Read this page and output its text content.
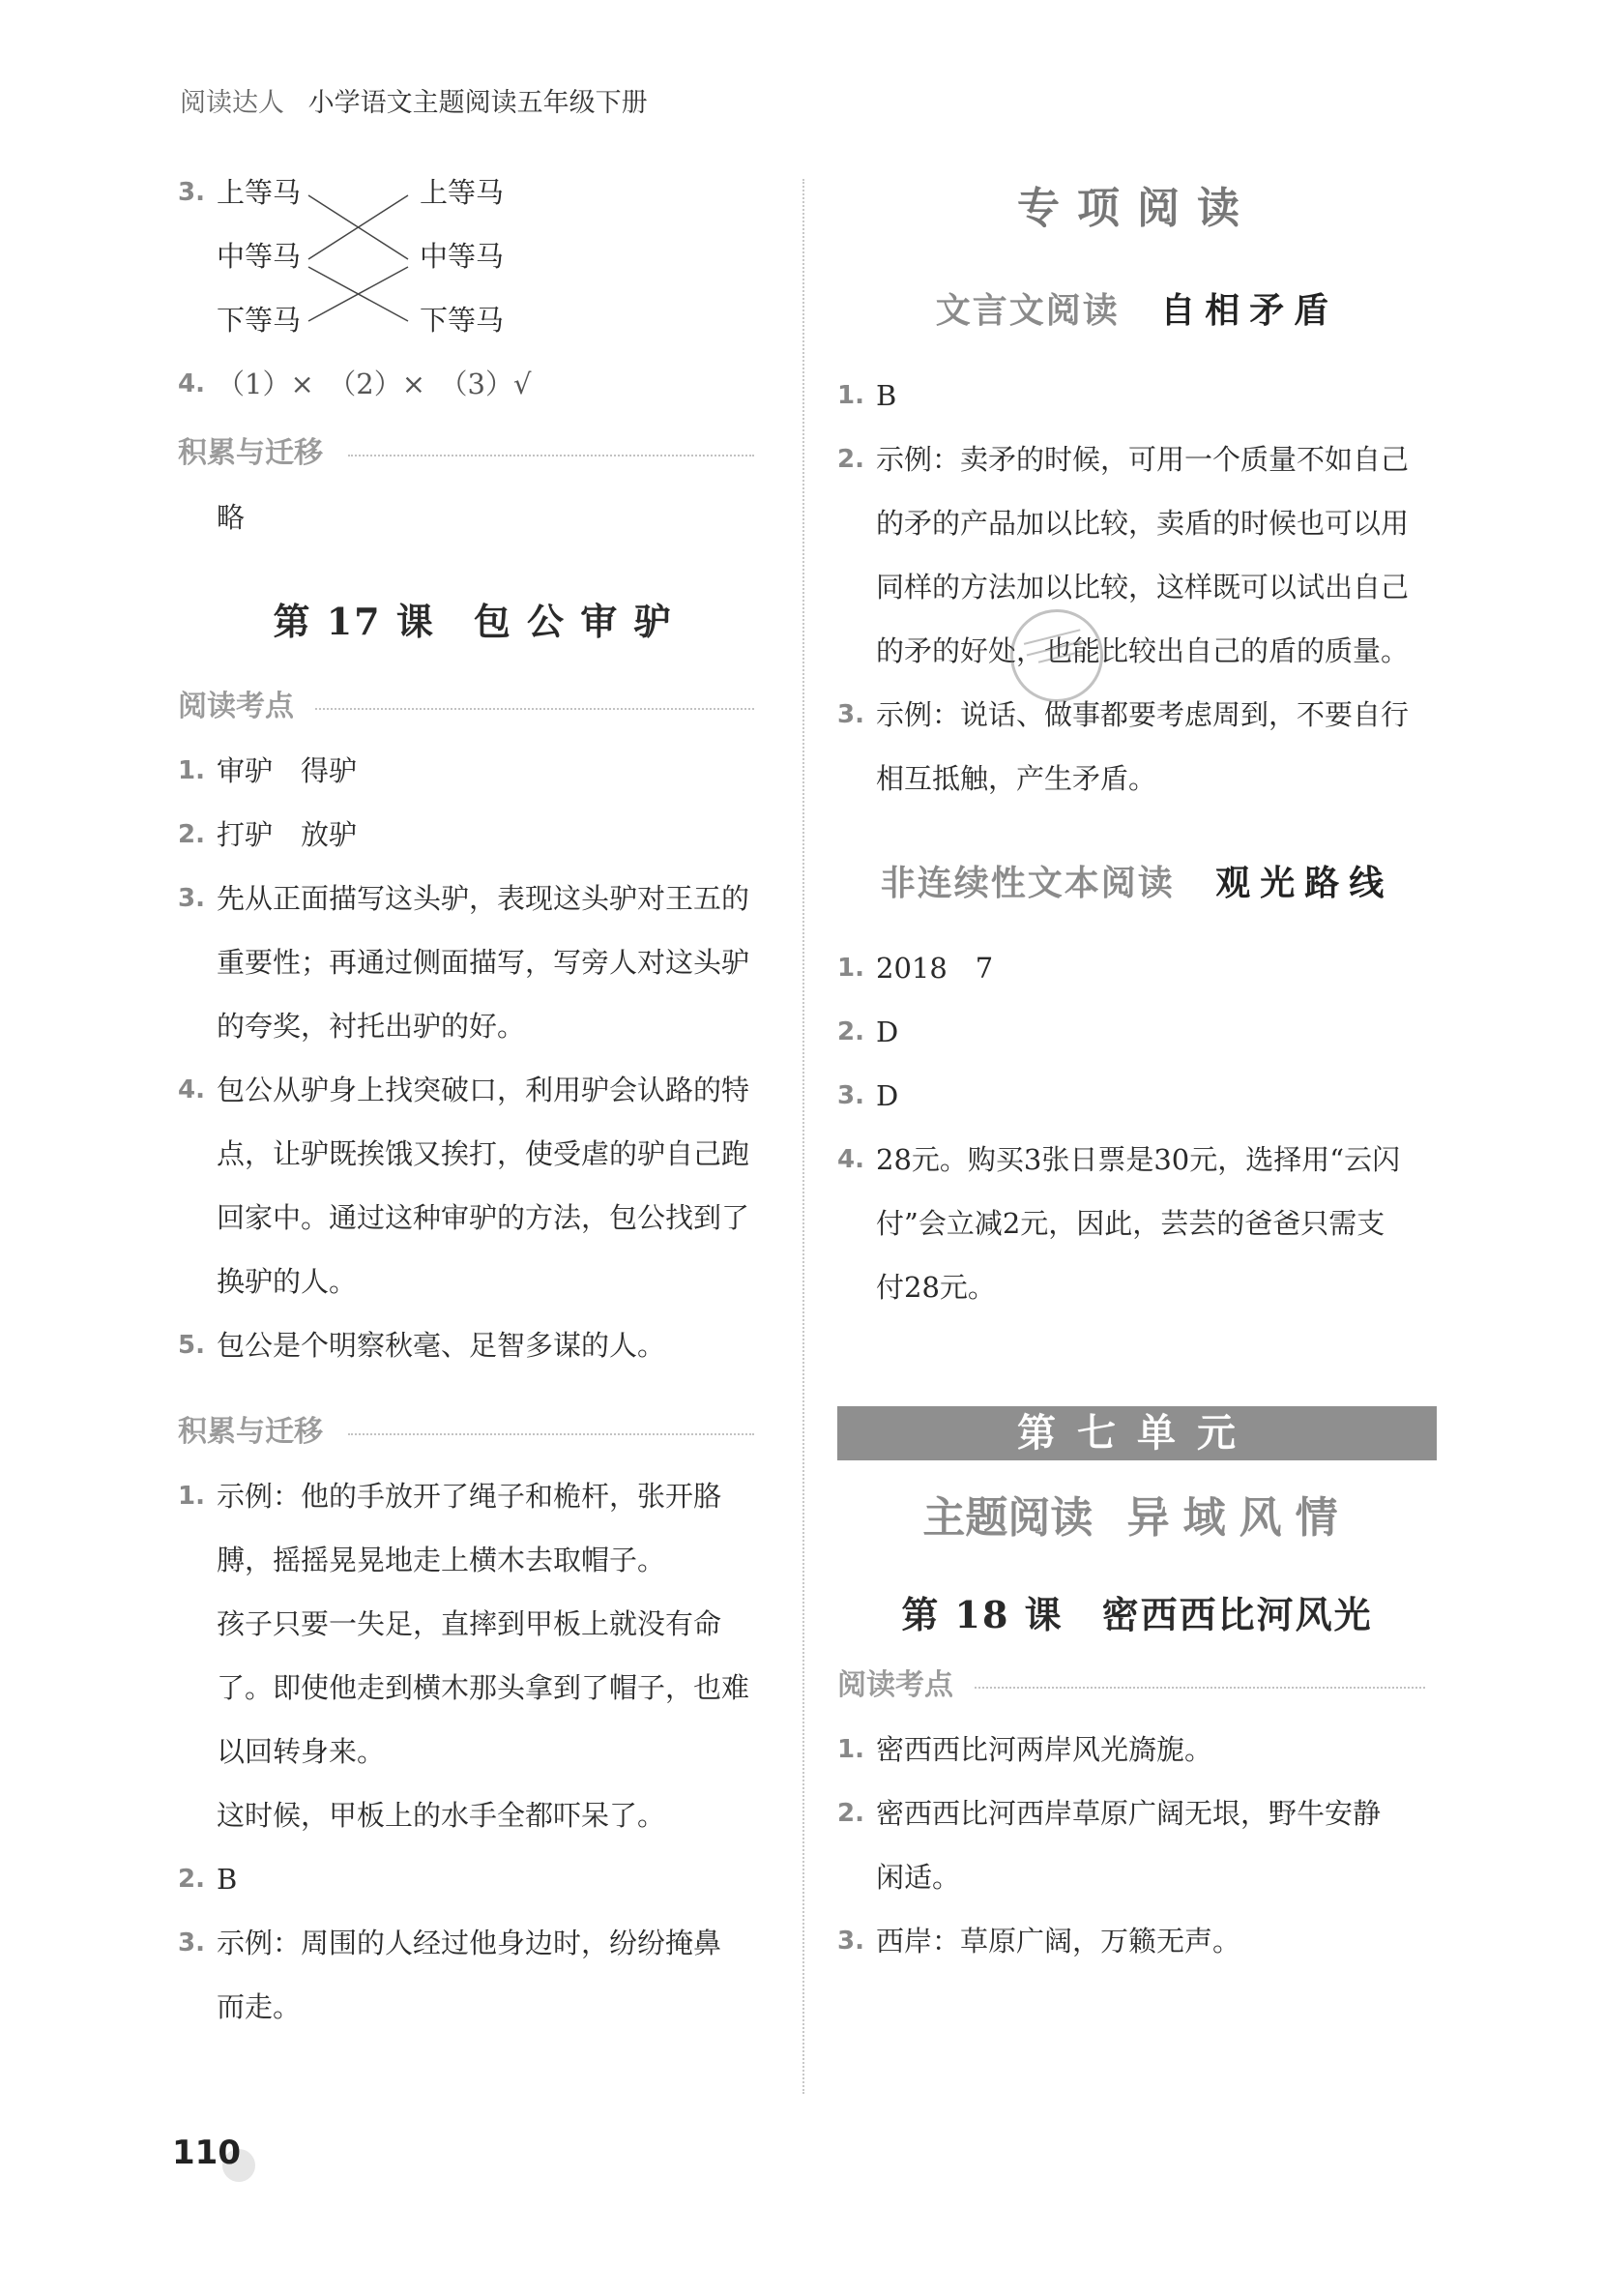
阅读达人 小学语文主题阅读五年级下册
3. 上等马	上等马
中等马	中等马
下等马	下等马
4. （1）×　（2）×　（3）√
积累与迁移
略
第 17 课　包 公 审 驴
阅读考点
1. 审驴　得驴
2. 打驴　放驴
3. 先从正面描写这头驴，表现这头驴对王五的
重要性；再通过侧面描写，写旁人对这头驴
的夸奖，衬托出驴的好。
4. 包公从驴身上找突破口，利用驴会认路的特
点，让驴既挨饿又挨打，使受虐的驴自己跑
回家中。通过这种审驴的方法，包公找到了
换驴的人。
5. 包公是个明察秋毫、足智多谋的人。
积累与迁移
1. 示例：他的手放开了绳子和桅杆，张开胳
膊，摇摇晃晃地走上横木去取帽子。
孩子只要一失足，直摔到甲板上就没有命
了。即使他走到横木那头拿到了帽子，也难
以回转身来。
这时候，甲板上的水手全都吓呆了。
2. B
3. 示例：周围的人经过他身边时，纷纷掩鼻
而走。
专项阅读
文言文阅读 自相矛盾
1. B
2. 示例：卖矛的时候，可用一个质量不如自己
的矛的产品加以比较，卖盾的时候也可以用
同样的方法加以比较，这样既可以试出自己
的矛的好处，也能比较出自己的盾的质量。
3. 示例：说话、做事都要考虑周到，不要自行
相互抵触，产生矛盾。
非连续性文本阅读 观光路线
1. 2018　7
2. D
3. D
4. 28元。购买3张日票是30元，选择用“云闪
付”会立减2元，因此，芸芸的爸爸只需支
付28元。
第七单元
主题阅读 异域风情
第 18 课　密西西比河风光
阅读考点
1. 密西西比河两岸风光旖旎。
2. 密西西比河西岸草原广阔无垠，野牛安静
闲适。
3. 西岸：草原广阔，万籁无声。
110
